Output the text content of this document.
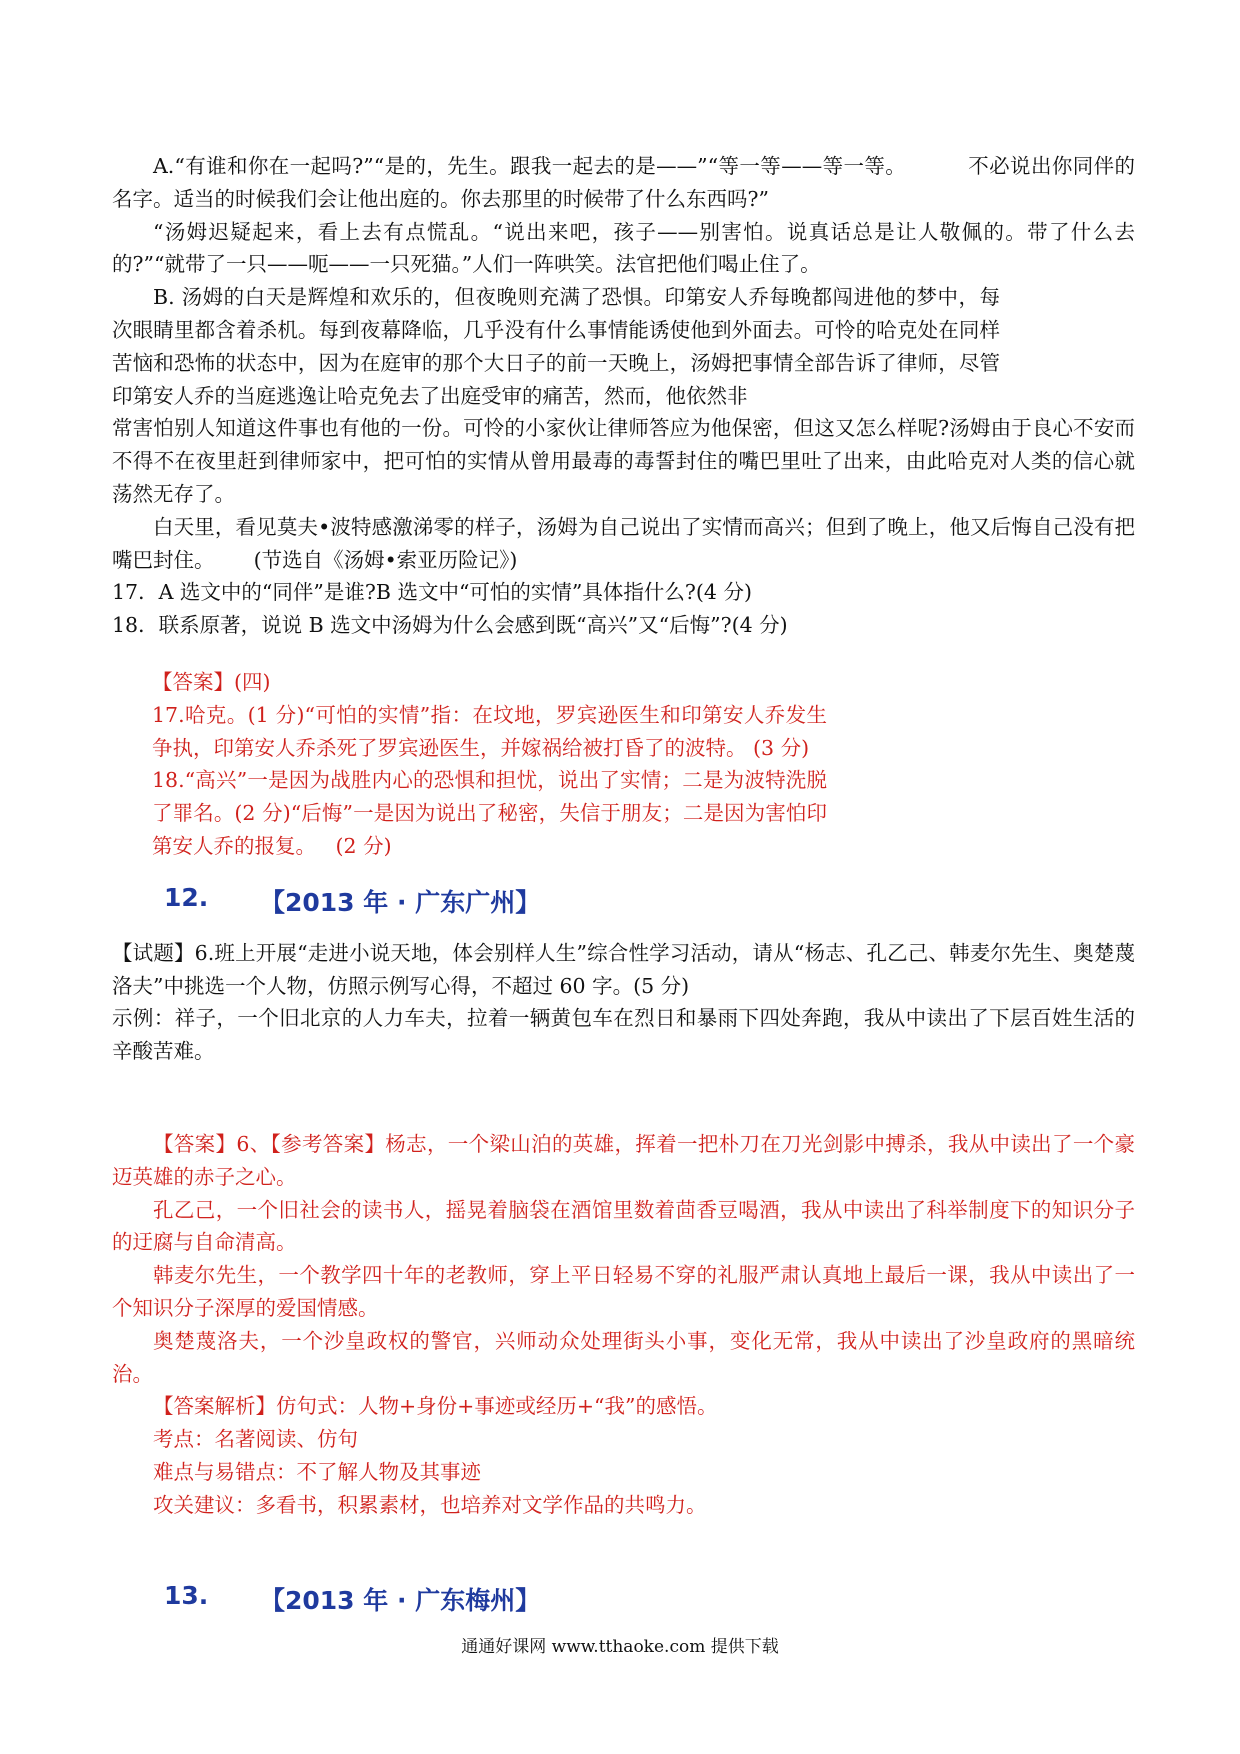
A.“有谁和你在一起吗?”“是的，先生。跟我一起去的是——”“等一等——等一等。         不必说出你同伴的名字。适当的时候我们会让他出庭的。你去那里的时候带了什么东西吗?”

“汤姆迟疑起来，看上去有点慌乱。“说出来吧，孩子——别害怕。说真话总是让人敬佩的。带了什么去的?”“就带了一只——呃——一只死猫。”人们一阵哄笑。法官把他们喝止住了。

B. 汤姆的白天是辉煌和欢乐的，但夜晚则充满了恐惧。印第安人乔每晚都闯进他的梦中，每次眼睛里都含着杀机。每到夜幕降临，几乎没有什么事情能诱使他到外面去。可怜的哈克处在同样苦恼和恐怖的状态中，因为在庭审的那个大日子的前一天晚上，汤姆把事情全部告诉了律师，尽管印第安人乔的当庭逃逸让哈克免去了出庭受审的痛苦，然而，他依然非

常害怕别人知道这件事也有他的一份。可怜的小家伙让律师答应为他保密，但这又怎么样呢?汤姆由于良心不安而不得不在夜里赶到律师家中，把可怕的实情从曾用最毒的毒誓封住的嘴巴里吐了出来，由此哈克对人类的信心就荡然无存了。

白天里，看见莫夫•波特感激涕零的样子，汤姆为自己说出了实情而高兴；但到了晚上，他又后悔自己没有把嘴巴封住。      (节选自《汤姆•索亚历险记》)

17．A 选文中的“同伴”是谁?B 选文中“可怕的实情”具体指什么?(4 分)

18．联系原著，说说 B 选文中汤姆为什么会感到既“高兴”又“后悔”?(4 分)

【答案】(四)

17.哈克。(1 分)“可怕的实情”指：在坟地，罗宾逊医生和印第安人乔发生争执，印第安人乔杀死了罗宾逊医生，并嫁祸给被打昏了的波特。 (3 分)

18.“高兴”一是因为战胜内心的恐惧和担忧，说出了实情；二是为波特洗脱了罪名。(2 分)“后悔”一是因为说出了秘密，失信于朋友；二是因为害怕印第安人乔的报复。   (2 分)

12.	【2013 年 · 广东广州】

【试题】6.班上开展“走进小说天地，体会别样人生”综合性学习活动，请从“杨志、孔乙己、韩麦尔先生、奥楚蔑洛夫”中挑选一个人物，仿照示例写心得，不超过 60 字。(5 分)

示例：祥子，一个旧北京的人力车夫，拉着一辆黄包车在烈日和暴雨下四处奔跑，我从中读出了下层百姓生活的辛酸苦难。

【答案】6、【参考答案】杨志，一个梁山泊的英雄，挥着一把朴刀在刀光剑影中搏杀，我从中读出了一个豪迈英雄的赤子之心。

孔乙己，一个旧社会的读书人，摇晃着脑袋在酒馆里数着茴香豆喝酒，我从中读出了科举制度下的知识分子的迂腐与自命清高。

韩麦尔先生，一个教学四十年的老教师，穿上平日轻易不穿的礼服严肃认真地上最后一课，我从中读出了一个知识分子深厚的爱国情感。

奥楚蔑洛夫，一个沙皇政权的警官，兴师动众处理街头小事，变化无常，我从中读出了沙皇政府的黑暗统治。

【答案解析】仿句式：人物+身份+事迹或经历+“我”的感悟。

考点：名著阅读、仿句

难点与易错点：不了解人物及其事迹

攻关建议：多看书，积累素材，也培养对文学作品的共鸣力。

13.	【2013 年 · 广东梅州】
通通好课网 www.tthaoke.com 提供下载
